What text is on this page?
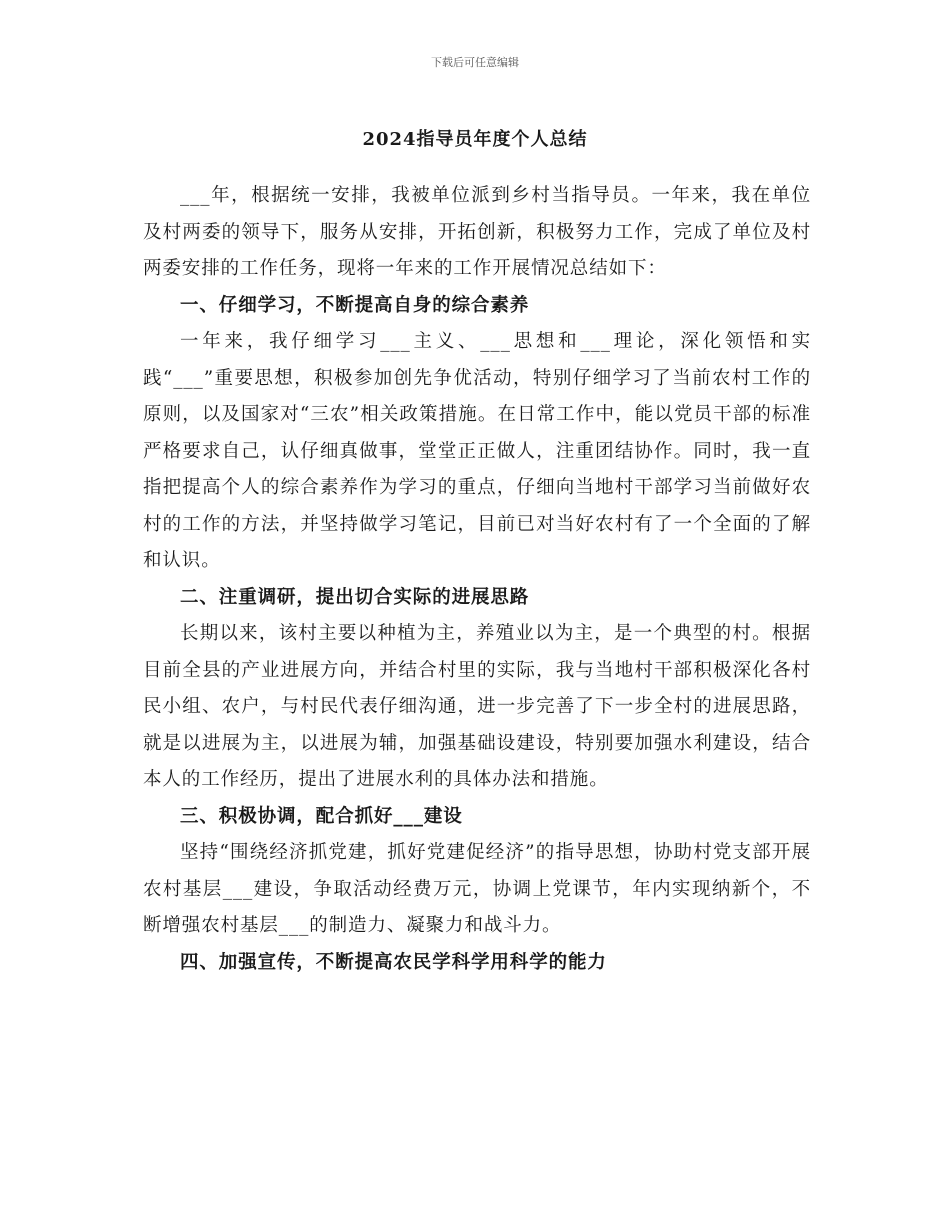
下载后可任意编辑
2024指导员年度个人总结

___年，根据统一安排，我被单位派到乡村当指导员。一年来，我在单位及村两委的领导下，服务从安排，开拓创新，积极努力工作，完成了单位及村两委安排的工作任务，现将一年来的工作开展情况总结如下：

一、仔细学习，不断提高自身的综合素养

一年来，我仔细学习___主义、___思想和___理论，深化领悟和实践“___”重要思想，积极参加创先争优活动，特别仔细学习了当前农村工作的原则，以及国家对“三农”相关政策措施。在日常工作中，能以党员干部的标准严格要求自己，认仔细真做事，堂堂正正做人，注重团结协作。同时，我一直指把提高个人的综合素养作为学习的重点，仔细向当地村干部学习当前做好农村的工作的方法，并坚持做学习笔记，目前已对当好农村有了一个全面的了解和认识。

二、注重调研，提出切合实际的进展思路

长期以来，该村主要以种植为主，养殖业以为主，是一个典型的村。根据目前全县的产业进展方向，并结合村里的实际，我与当地村干部积极深化各村民小组、农户，与村民代表仔细沟通，进一步完善了下一步全村的进展思路，就是以进展为主，以进展为辅，加强基础设建设，特别要加强水利建设，结合本人的工作经历，提出了进展水利的具体办法和措施。

三、积极协调，配合抓好___建设

坚持“围绕经济抓党建，抓好党建促经济”的指导思想，协助村党支部开展农村基层___建设，争取活动经费万元，协调上党课节，年内实现纳新个，不断增强农村基层___的制造力、凝聚力和战斗力。

四、加强宣传，不断提高农民学科学用科学的能力
